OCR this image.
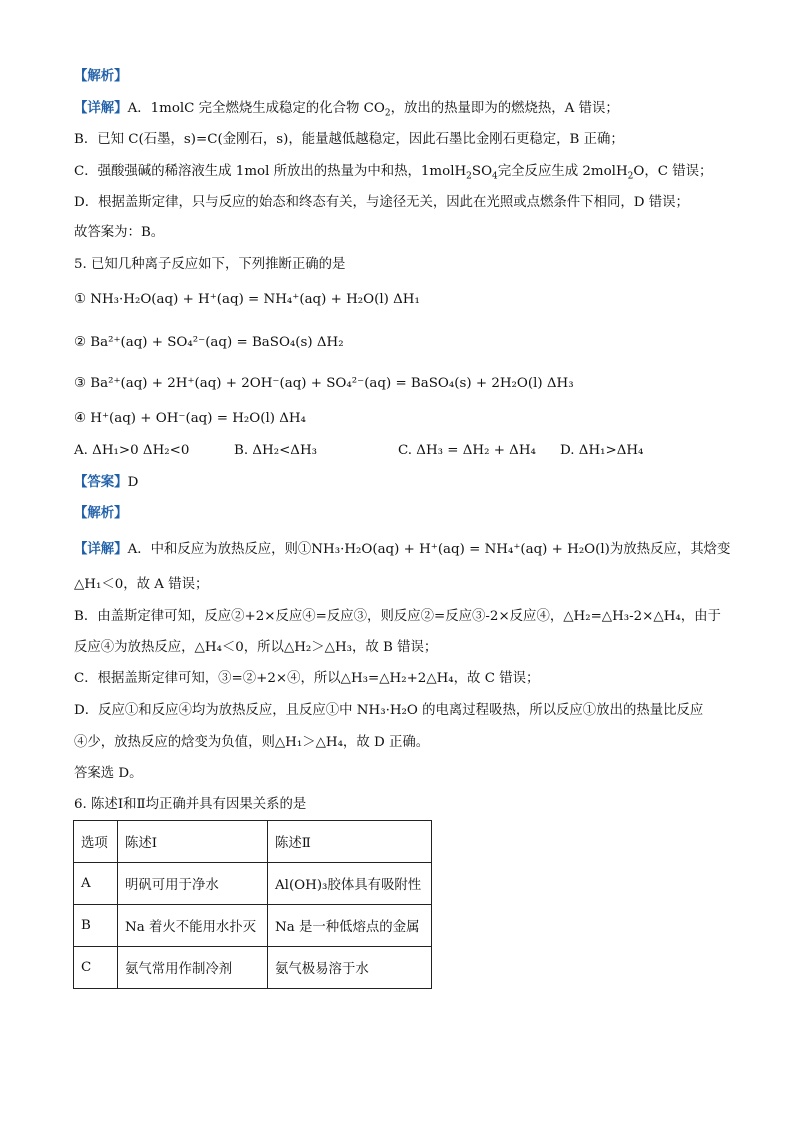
【解析】
【详解】A．1molC 完全燃烧生成稳定的化合物 $CO_2$，放出的热量即为的燃烧热，A 错误；
B．已知 C(石墨，s)=C(金刚石，s)，能量越低越稳定，因此石墨比金刚石更稳定，B 正确；
C．强酸强碱的稀溶液生成 1mol 所放出的热量为中和热，$1molH_2SO_4$完全反应生成 2molH$_2$O，C 错误；
D．根据盖斯定律，只与反应的始态和终态有关，与途径无关，因此在光照或点燃条件下相同，D 错误；
故答案为：B。
5. 已知几种离子反应如下，下列推断正确的是
① NH₃·H₂O(aq) + H⁺(aq) = NH₄⁺(aq) + H₂O(l) ΔH₁
② Ba²⁺(aq) + SO₄²⁻(aq) = BaSO₄(s) ΔH₂
③ Ba²⁺(aq) + 2H⁺(aq) + 2OH⁻(aq) + SO₄²⁻(aq) = BaSO₄(s) + 2H₂O(l) ΔH₃
④ H⁺(aq) + OH⁻(aq) = H₂O(l) ΔH₄
A. ΔH₁>0 ΔH₂<0	B. ΔH₂<ΔH₃	C. ΔH₃ = ΔH₂ + ΔH₄ D. ΔH₁>ΔH₄
【答案】D
【解析】
【详解】A．中和反应为放热反应，则①NH₃·H₂O(aq) + H⁺(aq) = NH₄⁺(aq) + H₂O(l)为放热反应，其焓变
△H₁＜0，故 A 错误；
B．由盖斯定律可知，反应②+2×反应④=反应③，则反应②=反应③-2×反应④，△H₂=△H₃-2×△H₄，由于
反应④为放热反应，△H₄＜0，所以△H₂＞△H₃，故 B 错误；
C．根据盖斯定律可知，③=②+2×④，所以△H₃=△H₂+2△H₄，故 C 错误；
D．反应①和反应④均为放热反应，且反应①中 NH₃·H₂O 的电离过程吸热，所以反应①放出的热量比反应
④少，放热反应的焓变为负值，则△H₁＞△H₄，故 D 正确。
答案选 D。
6. 陈述Ⅰ和Ⅱ均正确并具有因果关系的是
选项	陈述Ⅰ	陈述Ⅱ
A	明矾可用于净水	Al(OH)₃胶体具有吸附性
B	Na 着火不能用水扑灭	Na 是一种低熔点的金属
C	氨气常用作制冷剂	氨气极易溶于水
